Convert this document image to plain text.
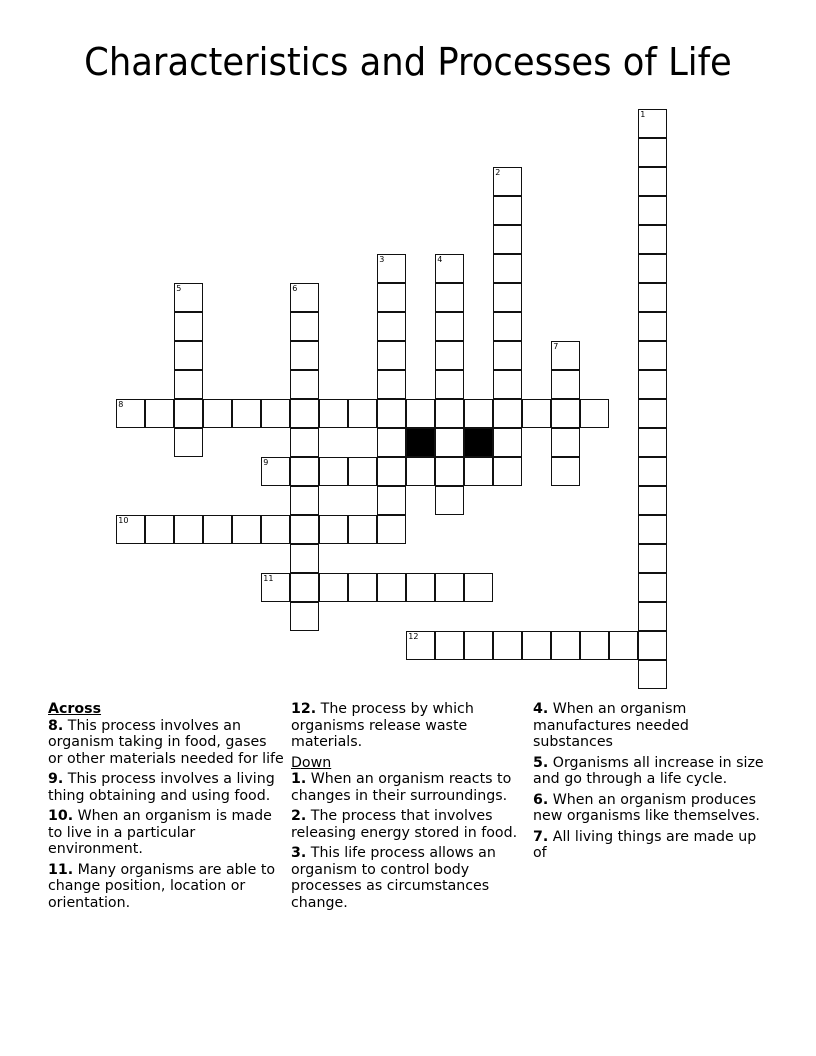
Characteristics and Processes of Life
1
2
3	4
5	6
7
8
9
10
11
12
Across
8. This process involves an organism taking in food, gases or other materials needed for life
9. This process involves a living thing obtaining and using food.
10. When an organism is made to live in a particular environment.
11. Many organisms are able to change position, location or orientation.
12. The process by which organisms release waste materials.
Down
1. When an organism reacts to changes in their surroundings.
2. The process that involves releasing energy stored in food.
3. This life process allows an organism to control body processes as circumstances change.
4. When an organism manufactures needed substances
5. Organisms all increase in size and go through a life cycle.
6. When an organism produces new organisms like themselves.
7. All living things are made up of
